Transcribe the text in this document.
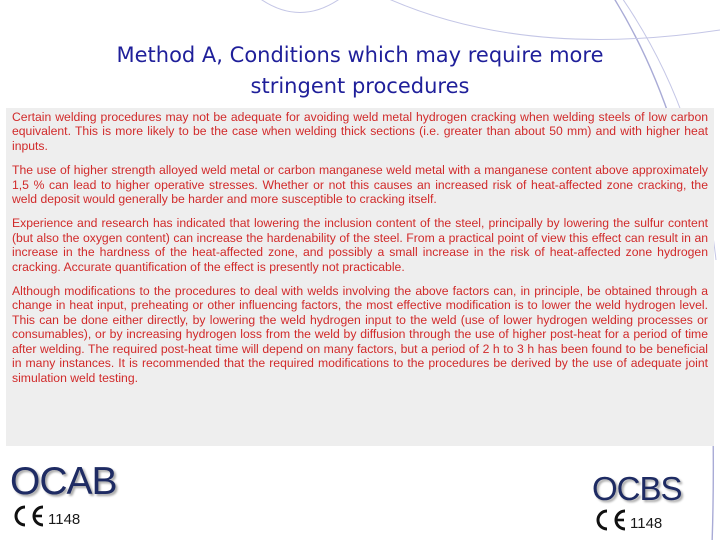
Method A, Conditions which may require more
stringent procedures

Certain welding procedures may not be adequate for avoiding weld metal hydrogen cracking when welding steels of low carbon equivalent. This is more likely to be the case when welding thick sections (i.e. greater than about 50 mm) and with higher heat inputs.

The use of higher strength alloyed weld metal or carbon manganese weld metal with a manganese content above approximately 1,5 % can lead to higher operative stresses. Whether or not this causes an increased risk of heat-affected zone cracking, the weld deposit would generally be harder and more susceptible to cracking itself.

Experience and research has indicated that lowering the inclusion content of the steel, principally by lowering the sulfur content (but also the oxygen content) can increase the hardenability of the steel. From a practical point of view this effect can result in an increase in the hardness of the heat-affected zone, and possibly a small increase in the risk of heat-affected zone hydrogen cracking. Accurate quantification of the effect is presently not practicable.

Although modifications to the procedures to deal with welds involving the above factors can, in principle, be obtained through a change in heat input, preheating or other influencing factors, the most effective modification is to lower the weld hydrogen level. This can be done either directly, by lowering the weld hydrogen input to the weld (use of lower hydrogen welding processes or consumables), or by increasing hydrogen loss from the weld by diffusion through the use of higher post-heat for a period of time after welding. The required post-heat time will depend on many factors, but a period of 2 h to 3 h has been found to be beneficial in many instances. It is recommended that the required modifications to the procedures be derived by the use of adequate joint simulation weld testing.

OCAB
1148
OCBS
1148
